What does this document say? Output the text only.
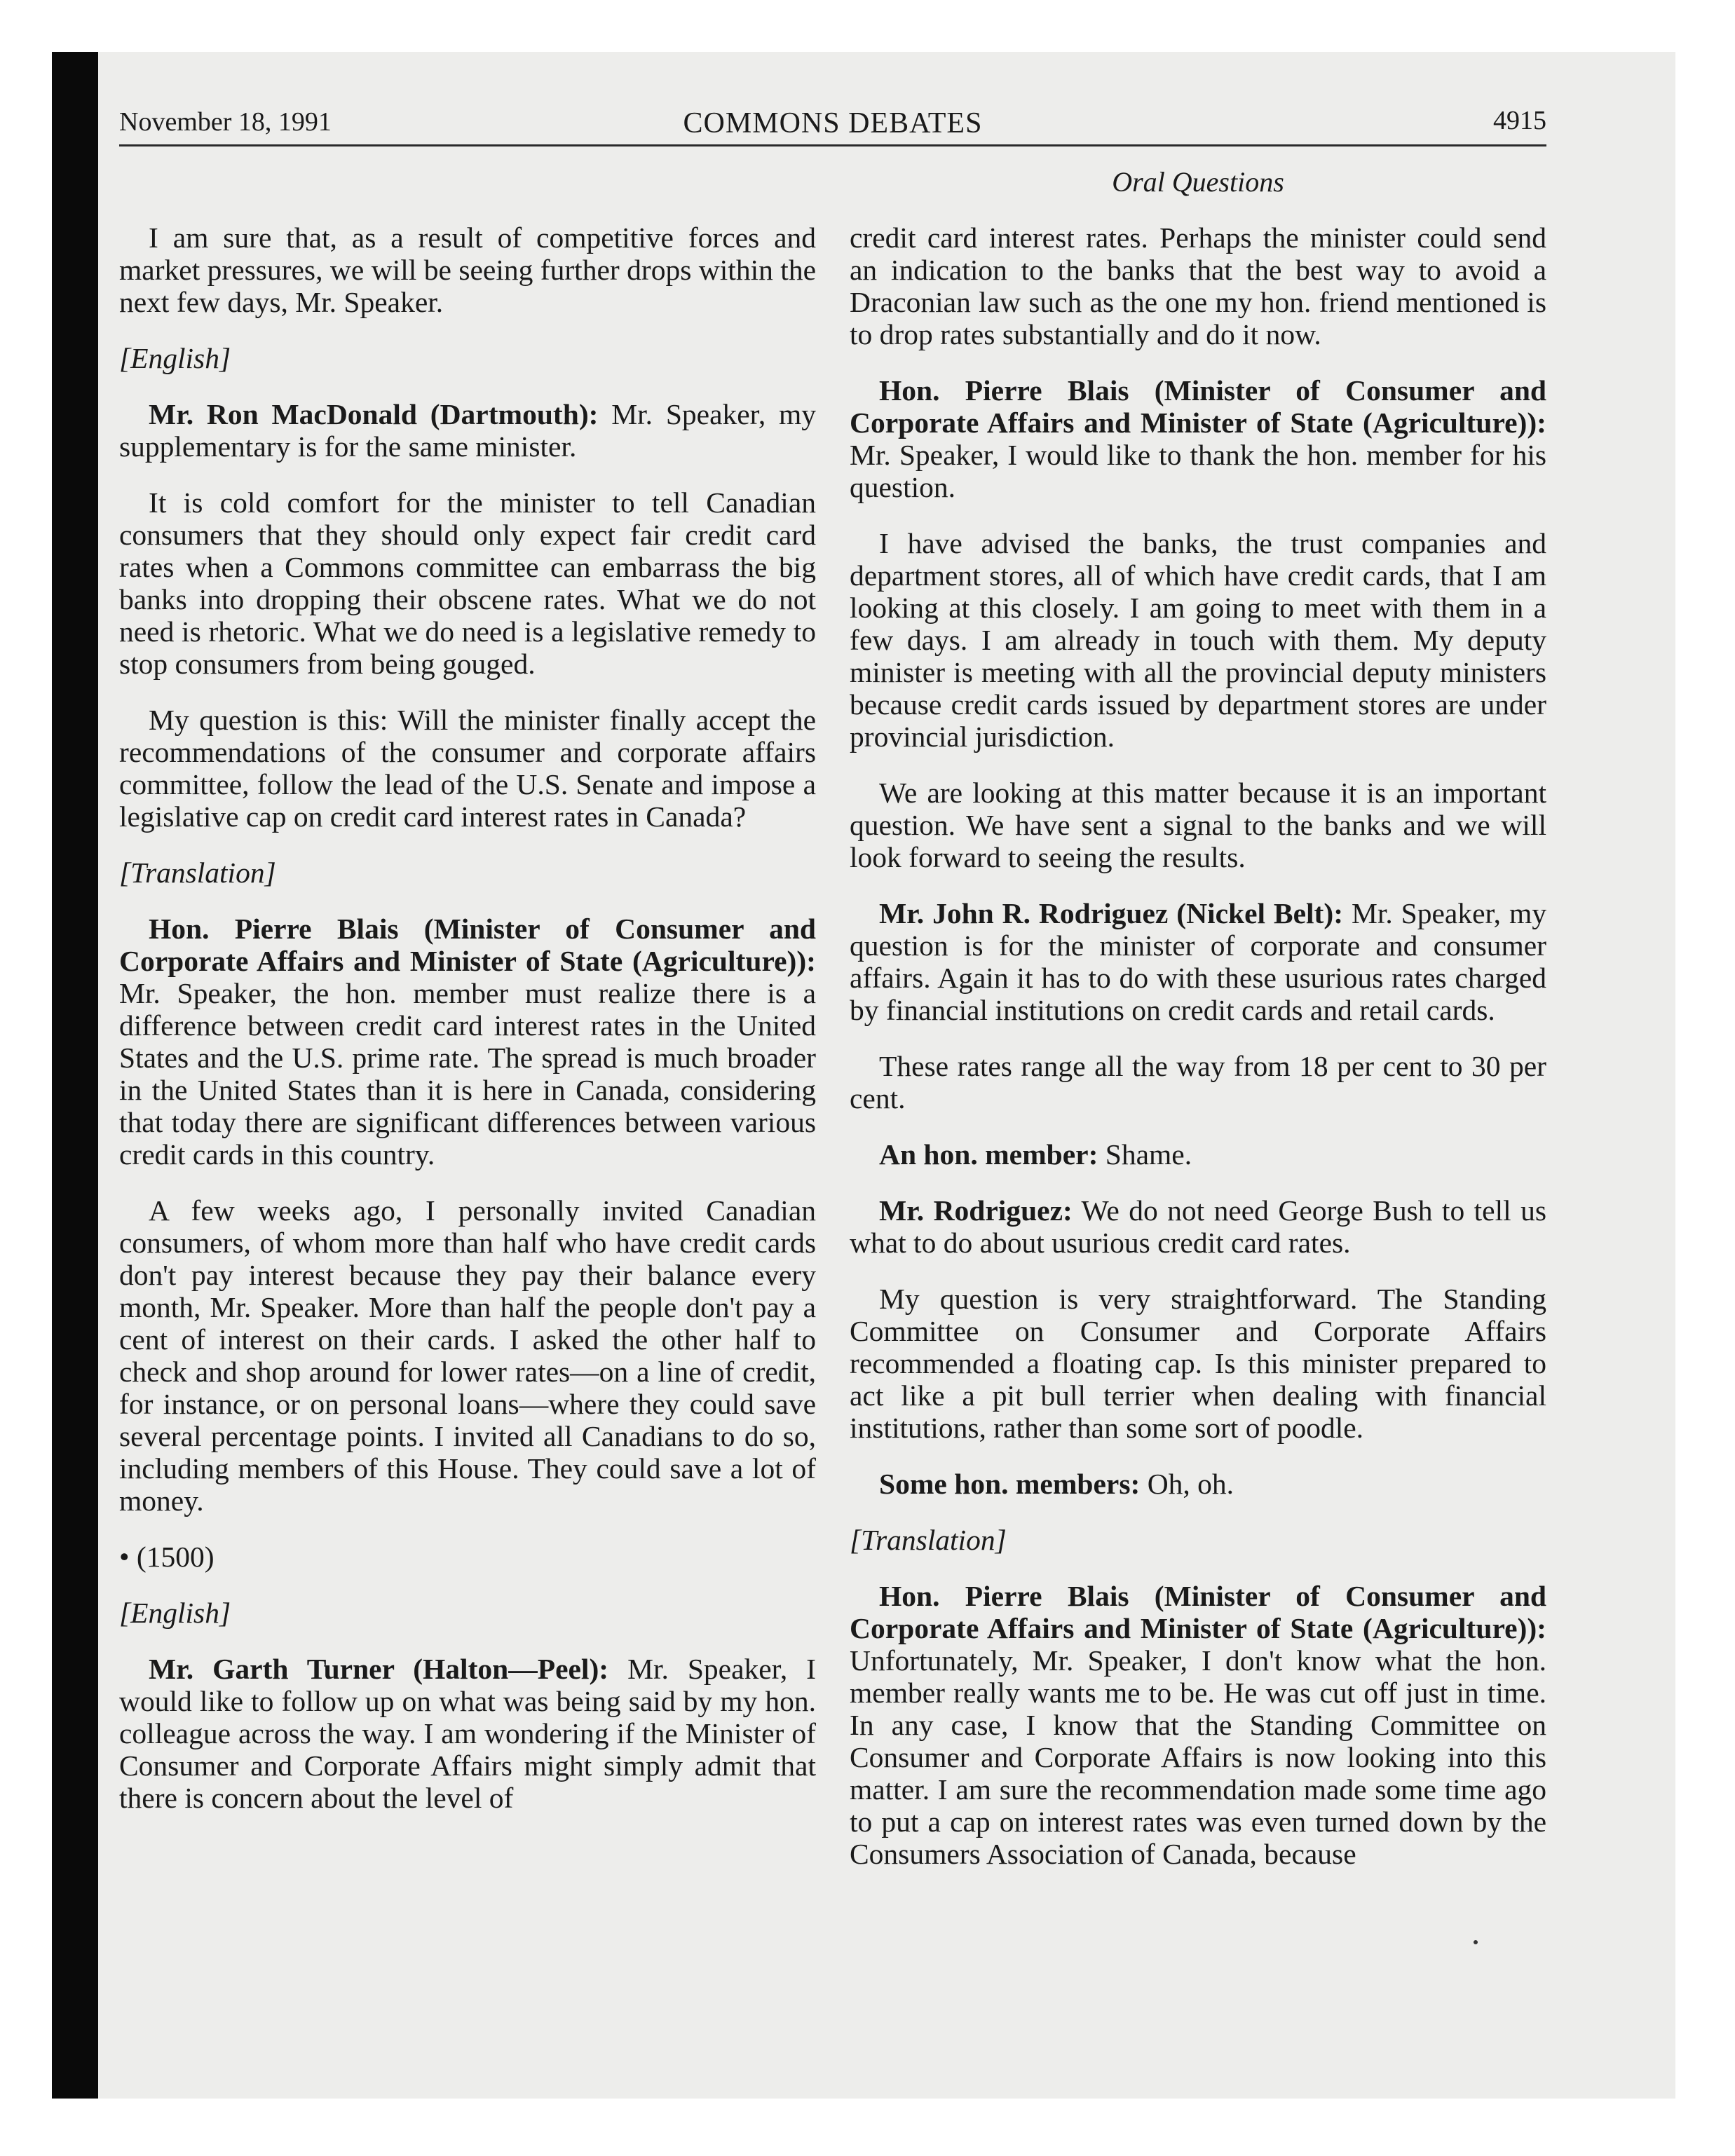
November 18, 1991	COMMONS DEBATES	4915
Oral Questions

I am sure that, as a result of competitive forces and market pressures, we will be seeing further drops within the next few days, Mr. Speaker.

[English]

Mr. Ron MacDonald (Dartmouth): Mr. Speaker, my supplementary is for the same minister.

It is cold comfort for the minister to tell Canadian consumers that they should only expect fair credit card rates when a Commons committee can embarrass the big banks into dropping their obscene rates. What we do not need is rhetoric. What we do need is a legislative remedy to stop consumers from being gouged.

My question is this: Will the minister finally accept the recommendations of the consumer and corporate affairs committee, follow the lead of the U.S. Senate and impose a legislative cap on credit card interest rates in Canada?

[Translation]

Hon. Pierre Blais (Minister of Consumer and Corporate Affairs and Minister of State (Agriculture)): Mr. Speaker, the hon. member must realize there is a difference between credit card interest rates in the United States and the U.S. prime rate. The spread is much broader in the United States than it is here in Canada, considering that today there are significant differences between various credit cards in this country.

A few weeks ago, I personally invited Canadian consumers, of whom more than half who have credit cards don't pay interest because they pay their balance every month, Mr. Speaker. More than half the people don't pay a cent of interest on their cards. I asked the other half to check and shop around for lower rates—on a line of credit, for instance, or on personal loans—where they could save several percentage points. I invited all Canadians to do so, including members of this House. They could save a lot of money.

• (1500)

[English]

Mr. Garth Turner (Halton—Peel): Mr. Speaker, I would like to follow up on what was being said by my hon. colleague across the way. I am wondering if the Minister of Consumer and Corporate Affairs might simply admit that there is concern about the level of

credit card interest rates. Perhaps the minister could send an indication to the banks that the best way to avoid a Draconian law such as the one my hon. friend mentioned is to drop rates substantially and do it now.

Hon. Pierre Blais (Minister of Consumer and Corporate Affairs and Minister of State (Agriculture)): Mr. Speaker, I would like to thank the hon. member for his question.

I have advised the banks, the trust companies and department stores, all of which have credit cards, that I am looking at this closely. I am going to meet with them in a few days. I am already in touch with them. My deputy minister is meeting with all the provincial deputy ministers because credit cards issued by department stores are under provincial jurisdiction.

We are looking at this matter because it is an important question. We have sent a signal to the banks and we will look forward to seeing the results.

Mr. John R. Rodriguez (Nickel Belt): Mr. Speaker, my question is for the minister of corporate and consumer affairs. Again it has to do with these usurious rates charged by financial institutions on credit cards and retail cards.

These rates range all the way from 18 per cent to 30 per cent.

An hon. member: Shame.

Mr. Rodriguez: We do not need George Bush to tell us what to do about usurious credit card rates.

My question is very straightforward. The Standing Committee on Consumer and Corporate Affairs recommended a floating cap. Is this minister prepared to act like a pit bull terrier when dealing with financial institutions, rather than some sort of poodle.

Some hon. members: Oh, oh.

[Translation]

Hon. Pierre Blais (Minister of Consumer and Corporate Affairs and Minister of State (Agriculture)): Unfortunately, Mr. Speaker, I don't know what the hon. member really wants me to be. He was cut off just in time. In any case, I know that the Standing Committee on Consumer and Corporate Affairs is now looking into this matter. I am sure the recommendation made some time ago to put a cap on interest rates was even turned down by the Consumers Association of Canada, because
